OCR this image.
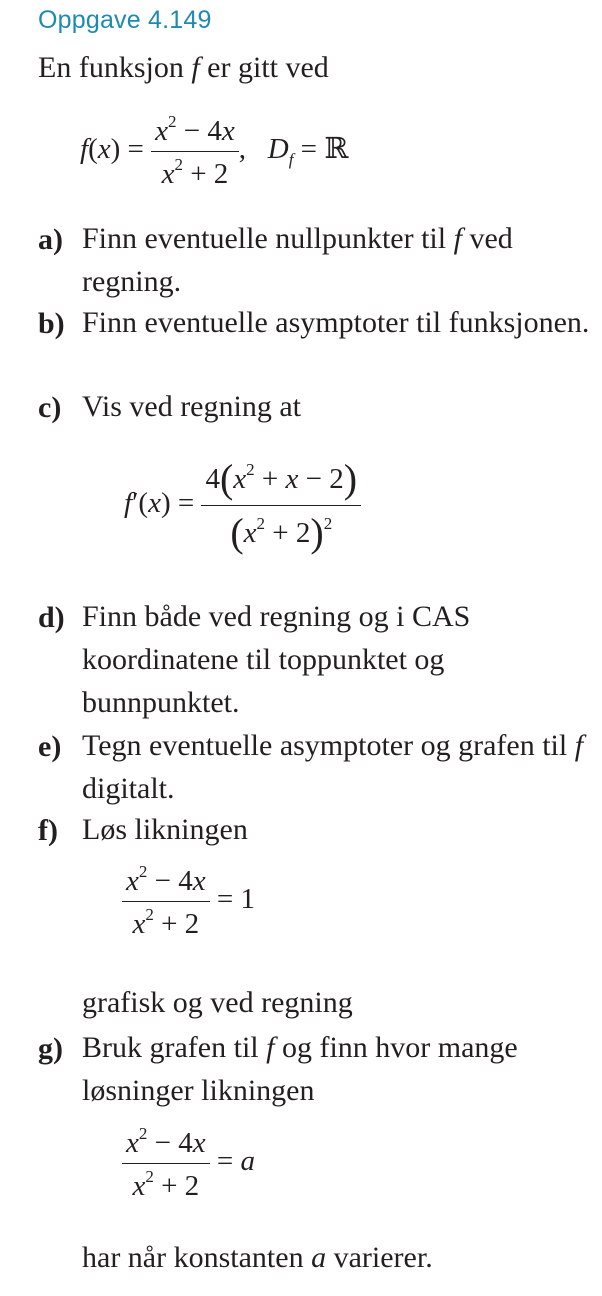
Oppgave 4.149
En funksjon f er gitt ved
$f(x) = \frac{x^2 - 4x}{x^2 + 2}$ ,   $D_f$ = ℝ
a) Finn eventuelle nullpunkter til f ved regning.
b) Finn eventuelle asymptoter til funksjonen.
c) Vis ved regning at
$f'(x) = \frac{4(x^2 + x - 2)}{(x^2 + 2)^2}$
d) Finn både ved regning og i CAS koordinatene til toppunktet og bunnpunktet.
e) Tegn eventuelle asymptoter og grafen til f digitalt.
f) Løs likningen
$\frac{x^2 - 4x}{x^2 + 2} = 1$
grafisk og ved regning
g) Bruk grafen til f og finn hvor mange løsninger likningen
$\frac{x^2 - 4x}{x^2 + 2} = a$
har når konstanten a varierer.
